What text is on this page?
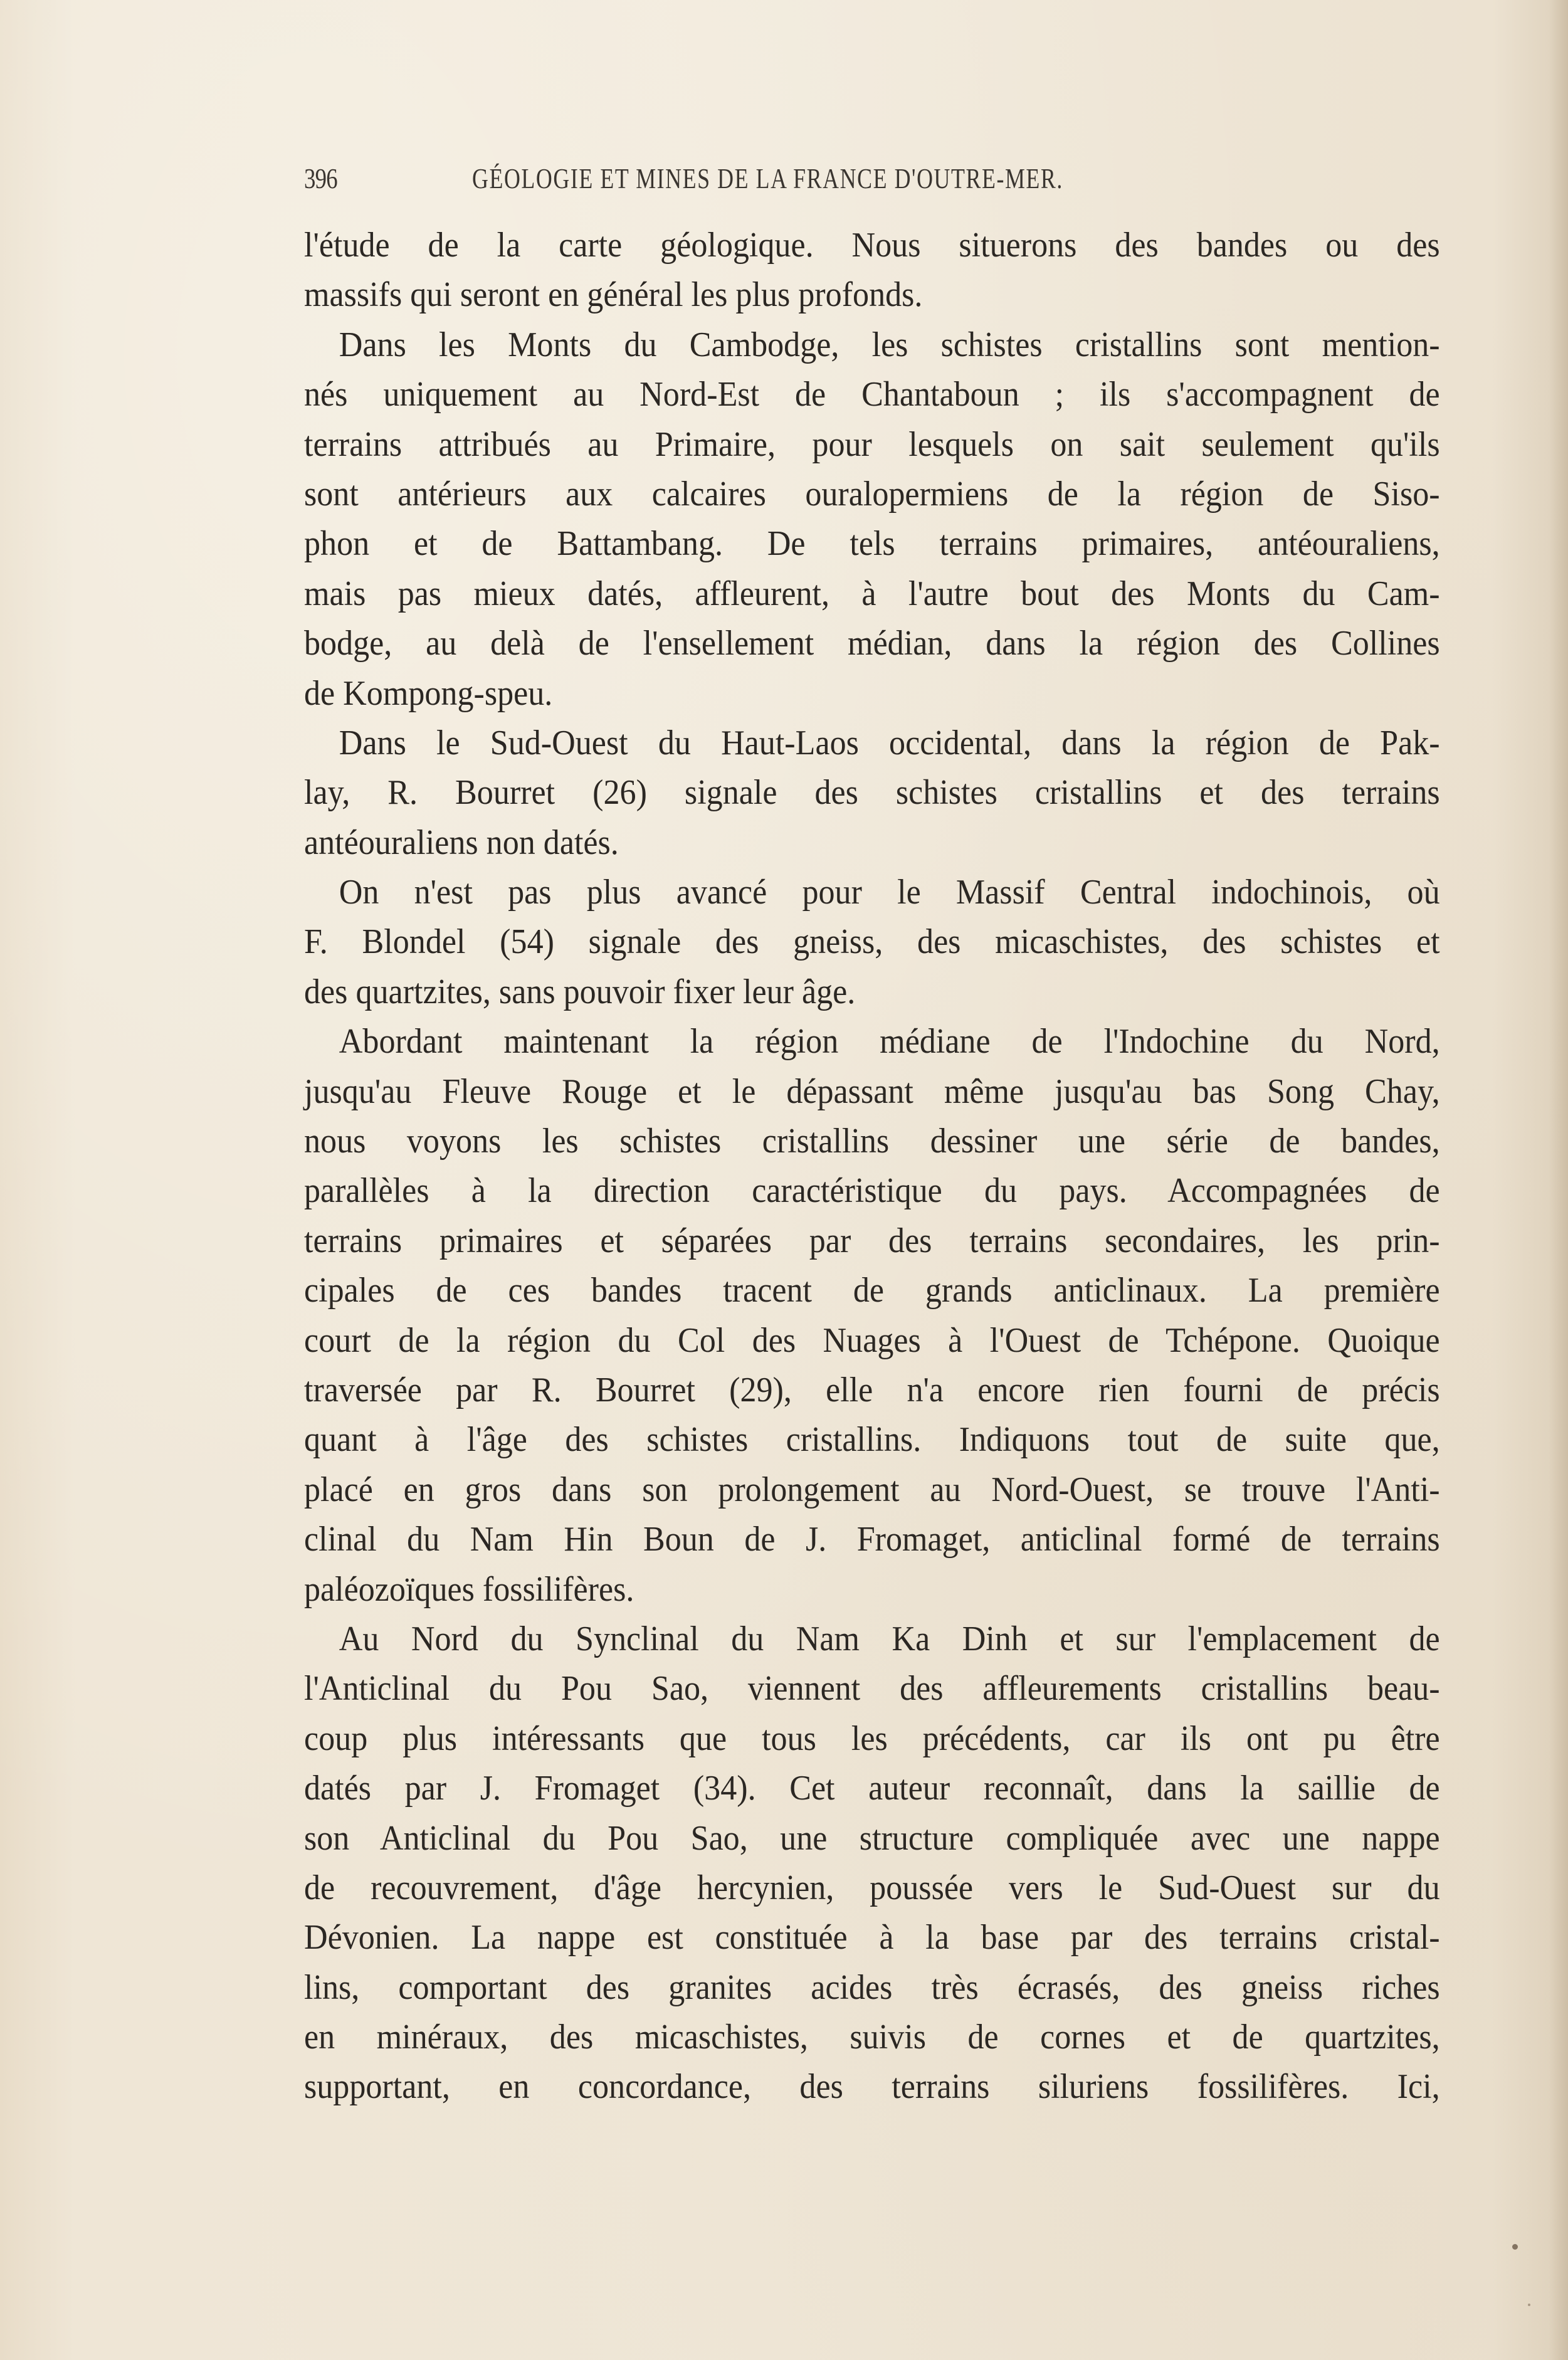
396	GÉOLOGIE ET MINES DE LA FRANCE D'OUTRE-MER.
l'étude de la carte géologique. Nous situerons des bandes ou des
massifs qui seront en général les plus profonds.
Dans les Monts du Cambodge, les schistes cristallins sont mention-
nés uniquement au Nord-Est de Chantaboun ; ils s'accompagnent de
terrains attribués au Primaire, pour lesquels on sait seulement qu'ils
sont antérieurs aux calcaires ouralopermiens de la région de Siso-
phon et de Battambang. De tels terrains primaires, antéouraliens,
mais pas mieux datés, affleurent, à l'autre bout des Monts du Cam-
bodge, au delà de l'ensellement médian, dans la région des Collines
de Kompong-speu.
Dans le Sud-Ouest du Haut-Laos occidental, dans la région de Pak-
lay, R. Bourret (26) signale des schistes cristallins et des terrains
antéouraliens non datés.
On n'est pas plus avancé pour le Massif Central indochinois, où
F. Blondel (54) signale des gneiss, des micaschistes, des schistes et
des quartzites, sans pouvoir fixer leur âge.
Abordant maintenant la région médiane de l'Indochine du Nord,
jusqu'au Fleuve Rouge et le dépassant même jusqu'au bas Song Chay,
nous voyons les schistes cristallins dessiner une série de bandes,
parallèles à la direction caractéristique du pays. Accompagnées de
terrains primaires et séparées par des terrains secondaires, les prin-
cipales de ces bandes tracent de grands anticlinaux. La première
court de la région du Col des Nuages à l'Ouest de Tchépone. Quoique
traversée par R. Bourret (29), elle n'a encore rien fourni de précis
quant à l'âge des schistes cristallins. Indiquons tout de suite que,
placé en gros dans son prolongement au Nord-Ouest, se trouve l'Anti-
clinal du Nam Hin Boun de J. Fromaget, anticlinal formé de terrains
paléozoïques fossilifères.
Au Nord du Synclinal du Nam Ka Dinh et sur l'emplacement de
l'Anticlinal du Pou Sao, viennent des affleurements cristallins beau-
coup plus intéressants que tous les précédents, car ils ont pu être
datés par J. Fromaget (34). Cet auteur reconnaît, dans la saillie de
son Anticlinal du Pou Sao, une structure compliquée avec une nappe
de recouvrement, d'âge hercynien, poussée vers le Sud-Ouest sur du
Dévonien. La nappe est constituée à la base par des terrains cristal-
lins, comportant des granites acides très écrasés, des gneiss riches
en minéraux, des micaschistes, suivis de cornes et de quartzites,
supportant, en concordance, des terrains siluriens fossilifères. Ici,
